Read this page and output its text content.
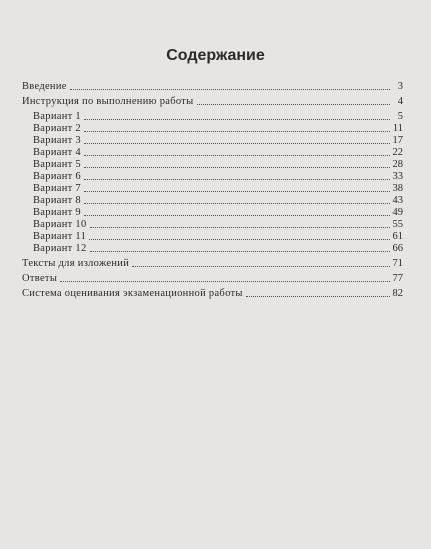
Содержание
Введение	3
Инструкция по выполнению работы	4
Вариант 1	5
Вариант 2	11
Вариант 3	17
Вариант 4	22
Вариант 5	28
Вариант 6	33
Вариант 7	38
Вариант 8	43
Вариант 9	49
Вариант 10	55
Вариант 11	61
Вариант 12	66
Тексты для изложений	71
Ответы	77
Система оценивания экзаменационной работы	82
